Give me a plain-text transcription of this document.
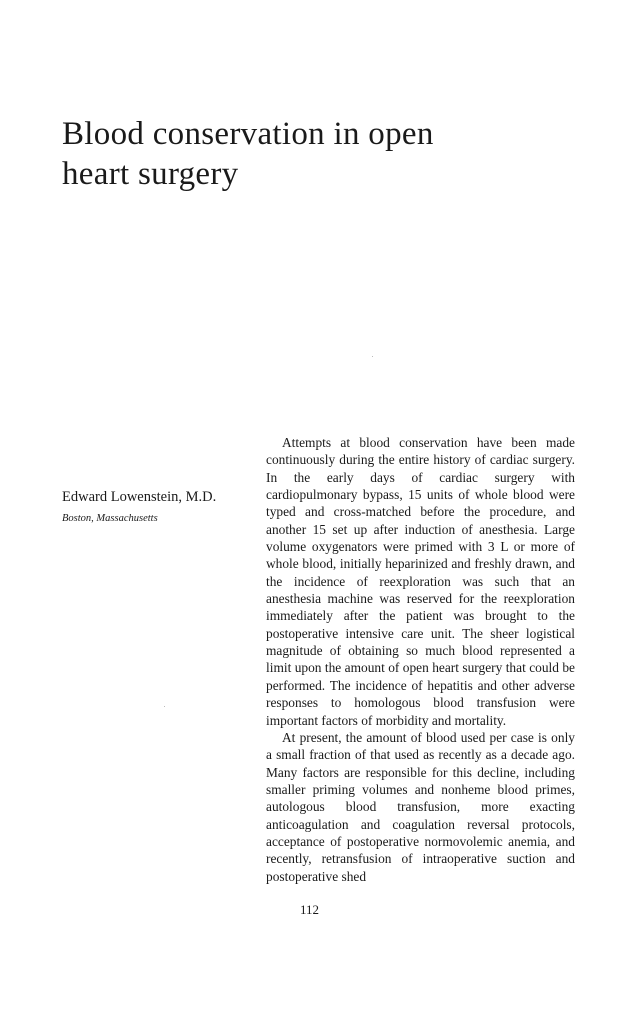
Blood conservation in open
heart surgery
Edward Lowenstein, M.D.
Boston, Massachusetts

Attempts at blood conservation have been made continuously during the entire history of cardiac surgery. In the early days of cardiac surgery with cardiopulmonary bypass, 15 units of whole blood were typed and cross-matched before the procedure, and another 15 set up after induction of anesthesia. Large volume oxygenators were primed with 3 L or more of whole blood, initially heparinized and freshly drawn, and the incidence of reexploration was such that an anesthesia machine was reserved for the reexploration immediately after the patient was brought to the postoperative intensive care unit. The sheer logistical magnitude of obtaining so much blood represented a limit upon the amount of open heart surgery that could be performed. The incidence of hepatitis and other adverse responses to homologous blood transfusion were important factors of morbidity and mortality.

At present, the amount of blood used per case is only a small fraction of that used as recently as a decade ago. Many factors are responsible for this decline, including smaller priming volumes and nonheme blood primes, autologous blood transfusion, more exacting anticoagulation and coagulation reversal protocols, acceptance of postoperative normovolemic anemia, and recently, retransfusion of intraoperative suction and postoperative shed

112
